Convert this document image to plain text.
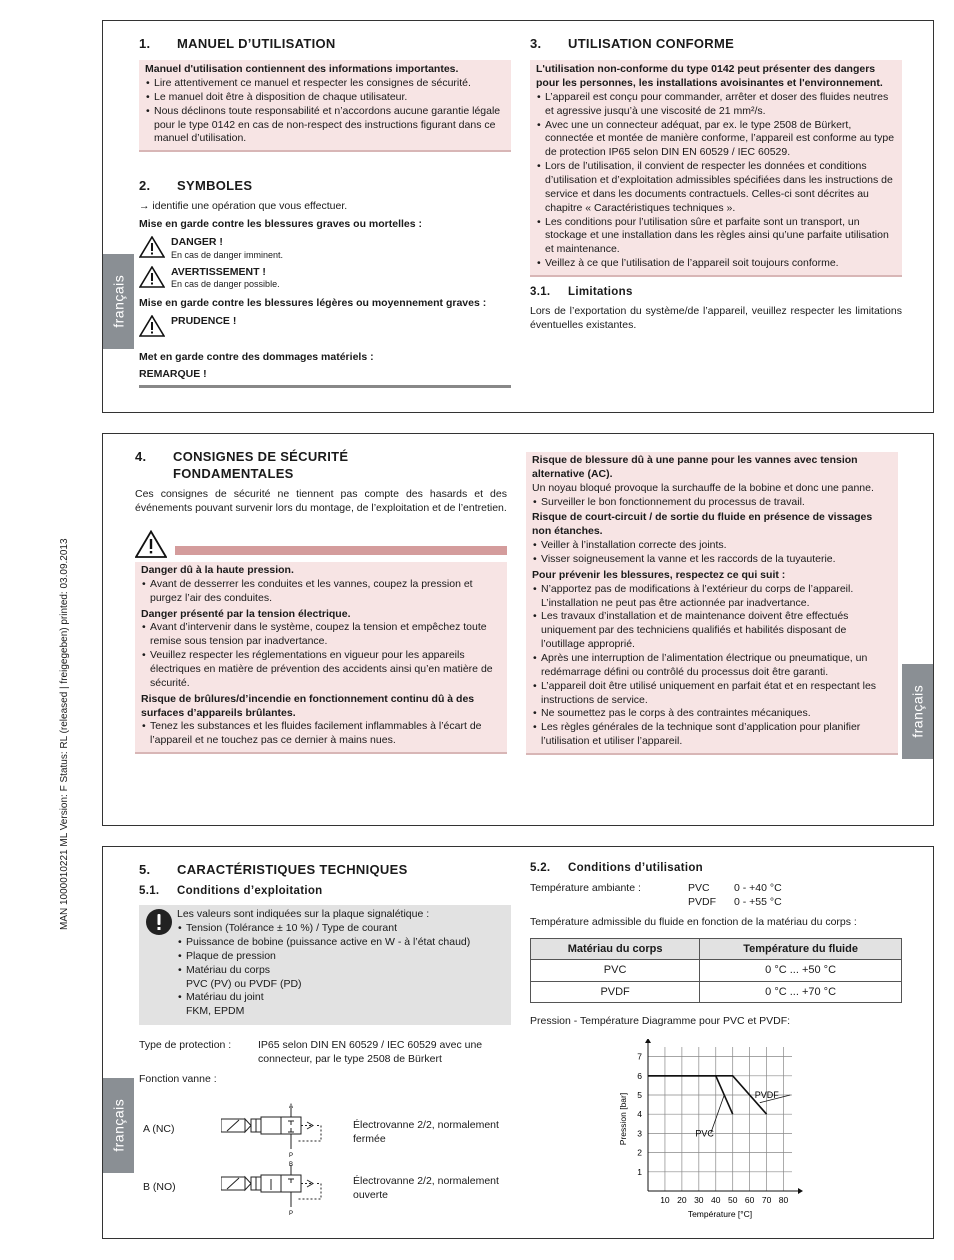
MAN 1000010221 ML Version: F Status: RL (released | freigegeben) printed: 03.09.2013
1. MANUEL D’UTILISATION
Manuel d'utilisation contiennent des informations importantes.
• Lire attentivement ce manuel et respecter les consignes de sécurité.
• Le manuel doit être à disposition de chaque utilisateur.
• Nous déclinons toute responsabilité et n’accordons aucune garantie légale pour le type 0142 en cas de non-respect des instructions figurant dans ce manuel d’utilisation.
2. SYMBOLES
→ identifie une opération que vous effectuer.
Mise en garde contre les blessures graves ou mortelles :
DANGER !
En cas de danger imminent.
AVERTISSEMENT !
En cas de danger possible.
Mise en garde contre les blessures légères ou moyennement graves :
PRUDENCE !
Met en garde contre des dommages matériels :
REMARQUE !
3. UTILISATION CONFORME
L'utilisation non-conforme du type 0142 peut présenter des dangers pour les personnes, les installations avoisinantes et l'environnement.
• L’appareil est conçu pour commander, arrêter et doser des fluides neutres et agressive jusqu’à une viscosité de 21 mm²/s.
• Avec une un connecteur adéquat, par ex. le type 2508 de Bürkert, connectée et montée de manière conforme, l’appareil est conforme au type de protection IP65 selon DIN EN 60529 / IEC 60529.
• Lors de l’utilisation, il convient de respecter les données et conditions d’utilisation et d’exploitation admissibles spécifiées dans les instructions de service et dans les documents contractuels. Celles-ci sont décrites au chapitre « Caractéristiques techniques ».
• Les conditions pour l’utilisation sûre et parfaite sont un transport, un stockage et une installation dans les règles ainsi qu’une parfaite utilisation et maintenance.
• Veillez à ce que l’utilisation de l’appareil soit toujours conforme.
3.1. Limitations
Lors de l’exportation du système/de l’appareil, veuillez respecter les limitations éventuelles existantes.
français
4. CONSIGNES DE SÉCURITÉ
FONDAMENTALES
Ces consignes de sécurité ne tiennent pas compte des hasards et des événements pouvant survenir lors du montage, de l’exploitation et de l’entretien.
Danger dû à la haute pression.
• Avant de desserrer les conduites et les vannes, coupez la pression et purgez l’air des conduites.
Danger présenté par la tension électrique.
• Avant d’intervenir dans le système, coupez la tension et empêchez toute remise sous tension par inadvertance.
• Veuillez respecter les réglementations en vigueur pour les appareils électriques en matière de prévention des accidents ainsi qu’en matière de sécurité.
Risque de brûlures/d’incendie en fonctionnement continu dû à des surfaces d’appareils brûlantes.
• Tenez les substances et les fluides facilement inflammables à l’écart de l’appareil et ne touchez pas ce dernier à mains nues.
Risque de blessure dû à une panne pour les vannes avec tension alternative (AC).
Un noyau bloqué provoque la surchauffe de la bobine et donc une panne.
• Surveiller le bon fonctionnement du processus de travail.
Risque de court-circuit / de sortie du fluide en présence de vissages non étanches.
• Veiller à l’installation correcte des joints.
• Visser soigneusement la vanne et les raccords de la tuyauterie.
Pour prévenir les blessures, respectez ce qui suit :
• N’apportez pas de modifications à l’extérieur du corps de l’appareil. L’installation ne peut pas être actionnée par inadvertance.
• Les travaux d’installation et de maintenance doivent être effectués uniquement par des techniciens qualifiés et habilités disposant de l’outillage approprié.
• Après une interruption de l’alimentation électrique ou pneumatique, un redémarrage défini ou contrôlé du processus doit être garanti.
• L’appareil doit être utilisé uniquement en parfait état et en respectant les instructions de service.
• Ne soumettez pas le corps à des contraintes mécaniques.
• Les règles générales de la technique sont d’application pour planifier l’utilisation et utiliser l’appareil.
français
5. CARACTÉRISTIQUES TECHNIQUES
5.1. Conditions d’exploitation
Les valeurs sont indiquées sur la plaque signalétique :
• Tension (Tolérance ± 10 %) / Type de courant
• Puissance de bobine (puissance active en W - à l’état chaud)
• Plaque de pression
• Matériau du corps
PVC (PV) ou PVDF (PD)
• Matériau du joint
FKM, EPDM
Type de protection :	IP65 selon DIN EN 60529 / IEC 60529 avec une connecteur, par le type 2508 de Bürkert
Fonction vanne :
A (NC)
A
P
Électrovanne 2/2, normalement fermée
B (NO)
B
P
Électrovanne 2/2, normalement ouverte
5.2. Conditions d’utilisation
Température ambiante :	PVC	0 - +40 °C
PVDF	0 - +55 °C
Température admissible du fluide en fonction de la matériau du corps :
Matériau du corps	Température du fluide
PVC	0 °C ... +50 °C
PVDF	0 °C ... +70 °C
Pression - Température Diagramme pour PVC et PVDF:
10 20 30 40 50 60 70 80
1
2
3
4
5
6
7
Température [°C]
Pression [bar]	PVC
PVDF
français
